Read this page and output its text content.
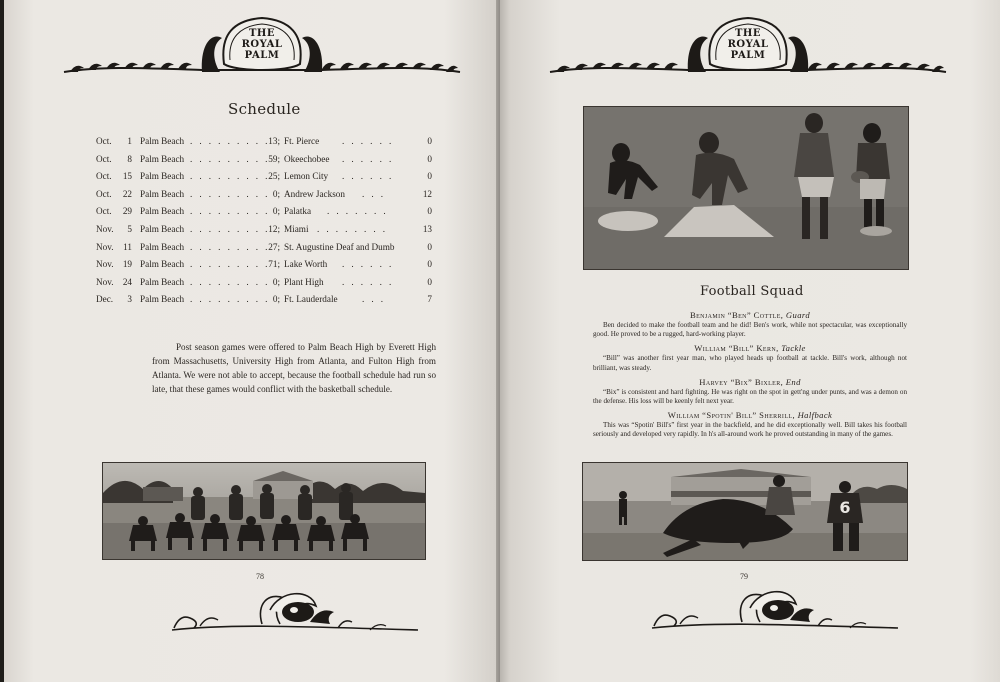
THE
ROYAL
PALM
THE
ROYAL
PALM
Schedule
Oct.	1 Palm Beach	13; Ft. Pierce	0
. . . . . . . . .	. . . . . .
Oct.	8 Palm Beach	59; Okeechobee	0
. . . . . . . . .	. . . . . .
Oct. 15 Palm Beach	25; Lemon City	0
. . . . . . . . .	. . . . . .
Oct. 22 Palm Beach	0; Andrew Jackson	12
. . . . . . . . .	. . .
Oct. 29 Palm Beach	0; Palatka	0
. . . . . . . . .	. . . . . . .
Nov.	5 Palm Beach	12; Miami	13
. . . . . . . . .	. . . . . . . .
Nov. 11 Palm Beach	27; St. Augustine Deaf and Dumb	0
. . . . . . . . .
Nov. 19 Palm Beach	71; Lake Worth	0
. . . . . . . . .	. . . . . .
Nov. 24 Palm Beach	0; Plant High	0
. . . . . . . . .	. . . . . .
Dec.	3 Palm Beach	0; Ft. Lauderdale	7
. . . . . . . . .	. . .

Post season games were offered to Palm Beach High by Everett High from Massachusetts, University High from Atlanta, and Fulton High from Atlanta. We were not able to accept, because the football schedule had run so late, that these games would conflict with the basketball schedule.

78
Football Squad
Benjamin “Ben” Cottle, Guard
Ben decided to make the football team and he did! Ben's work, while not spectacular, was exceptionally good. He proved to be a rugged, hard-working player.
William “Bill” Kern, Tackle
“Bill” was another first year man, who played heads up football at tackle. Bill's work, although not brilliant, was steady.
Harvey “Bix” Bixler, End
“Bix” is consistent and hard fighting. He was right on the spot in gett'ng under punts, and was a demon on the defense. His loss will be keenly felt next year.
William “Spotin' Bill” Sherrill, Halfback
This was “Spotin' Bill's” first year in the backfield, and he did exceptionally well. Bill takes his football seriously and developed very rapidly. In h's all-around work he proved outstanding in many of the games.
6
79
